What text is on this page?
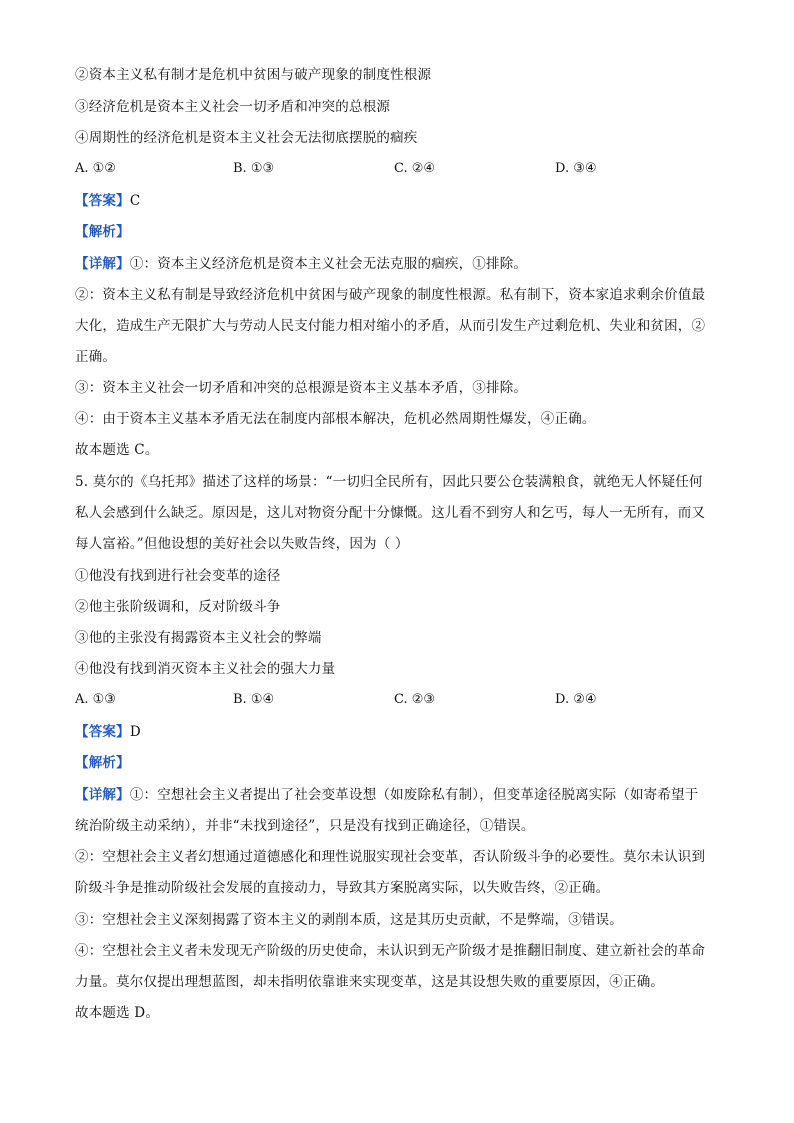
②资本主义私有制才是危机中贫困与破产现象的制度性根源
③经济危机是资本主义社会一切矛盾和冲突的总根源
④周期性的经济危机是资本主义社会无法彻底摆脱的痼疾
A. ①②	B. ①③	C. ②④	D. ③④
【答案】C
【解析】
【详解】①：资本主义经济危机是资本主义社会无法克服的痼疾，①排除。
②：资本主义私有制是导致经济危机中贫困与破产现象的制度性根源。私有制下，资本家追求剩余价值最
大化，造成生产无限扩大与劳动人民支付能力相对缩小的矛盾，从而引发生产过剩危机、失业和贫困，②
正确。
③：资本主义社会一切矛盾和冲突的总根源是资本主义基本矛盾，③排除。
④：由于资本主义基本矛盾无法在制度内部根本解决，危机必然周期性爆发，④正确。
故本题选 C。
5. 莫尔的《乌托邦》描述了这样的场景：“一切归全民所有，因此只要公仓装满粮食，就绝无人怀疑任何
私人会感到什么缺乏。原因是，这儿对物资分配十分慷慨。这儿看不到穷人和乞丐，每人一无所有，而又
每人富裕。”但他设想的美好社会以失败告终，因为（ ）
①他没有找到进行社会变革的途径
②他主张阶级调和，反对阶级斗争
③他的主张没有揭露资本主义社会的弊端
④他没有找到消灭资本主义社会的强大力量
A. ①③	B. ①④	C. ②③	D. ②④
【答案】D
【解析】
【详解】①：空想社会主义者提出了社会变革设想（如废除私有制），但变革途径脱离实际（如寄希望于
统治阶级主动采纳），并非“未找到途径”，只是没有找到正确途径，①错误。
②：空想社会主义者幻想通过道德感化和理性说服实现社会变革，否认阶级斗争的必要性。莫尔未认识到
阶级斗争是推动阶级社会发展的直接动力，导致其方案脱离实际，以失败告终，②正确。
③：空想社会主义深刻揭露了资本主义的剥削本质，这是其历史贡献，不是弊端，③错误。
④：空想社会主义者未发现无产阶级的历史使命，未认识到无产阶级才是推翻旧制度、建立新社会的革命
力量。莫尔仅提出理想蓝图，却未指明依靠谁来实现变革，这是其设想失败的重要原因，④正确。
故本题选 D。
